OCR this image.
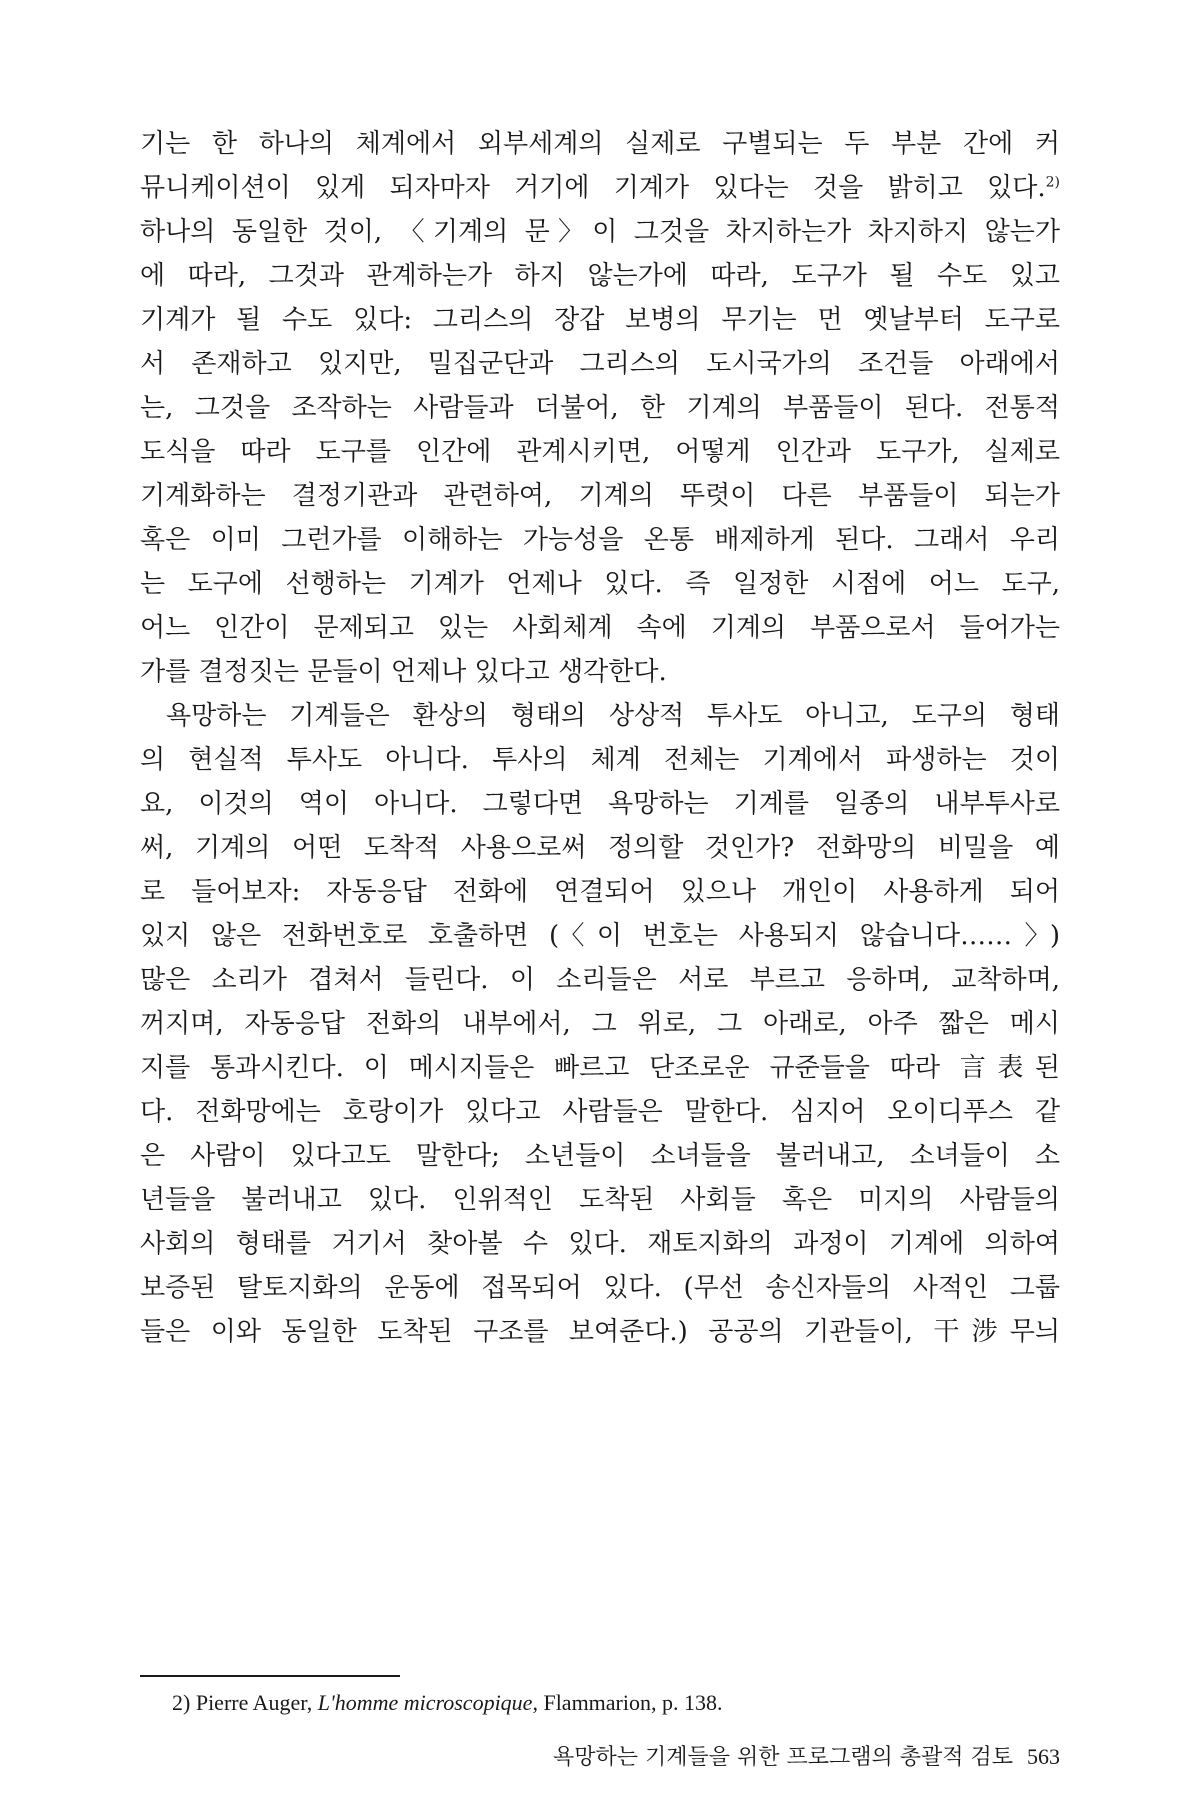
기는 한 하나의 체계에서 외부세계의 실제로 구별되는 두 부분 간에 커
뮤니케이션이 있게 되자마자 거기에 기계가 있다는 것을 밝히고 있다.$^{2)}$
하나의 동일한 것이, 〈기계의 문〉이 그것을 차지하는가 차지하지 않는가
에 따라, 그것과 관계하는가 하지 않는가에 따라, 도구가 될 수도 있고
기계가 될 수도 있다: 그리스의 장갑 보병의 무기는 먼 옛날부터 도구로
서 존재하고 있지만, 밀집군단과 그리스의 도시국가의 조건들 아래에서
는, 그것을 조작하는 사람들과 더불어, 한 기계의 부품들이 된다. 전통적
도식을 따라 도구를 인간에 관계시키면, 어떻게 인간과 도구가, 실제로
기계화하는 결정기관과 관련하여, 기계의 뚜렷이 다른 부품들이 되는가
혹은 이미 그런가를 이해하는 가능성을 온통 배제하게 된다. 그래서 우리
는 도구에 선행하는 기계가 언제나 있다. 즉 일정한 시점에 어느 도구,
어느 인간이 문제되고 있는 사회체계 속에 기계의 부품으로서 들어가는
가를 결정짓는 문들이 언제나 있다고 생각한다.
욕망하는 기계들은 환상의 형태의 상상적 투사도 아니고, 도구의 형태
의 현실적 투사도 아니다. 투사의 체계 전체는 기계에서 파생하는 것이
요, 이것의 역이 아니다. 그렇다면 욕망하는 기계를 일종의 내부투사로
써, 기계의 어떤 도착적 사용으로써 정의할 것인가? 전화망의 비밀을 예
로 들어보자: 자동응답 전화에 연결되어 있으나 개인이 사용하게 되어
있지 않은 전화번호로 호출하면 (〈이 번호는 사용되지 않습니다……〉)
많은 소리가 겹쳐서 들린다. 이 소리들은 서로 부르고 응하며, 교착하며,
꺼지며, 자동응답 전화의 내부에서, 그 위로, 그 아래로, 아주 짧은 메시
지를 통과시킨다. 이 메시지들은 빠르고 단조로운 규준들을 따라 言表된
다. 전화망에는 호랑이가 있다고 사람들은 말한다. 심지어 오이디푸스 같
은 사람이 있다고도 말한다; 소년들이 소녀들을 불러내고, 소녀들이 소
년들을 불러내고 있다. 인위적인 도착된 사회들 혹은 미지의 사람들의
사회의 형태를 거기서 찾아볼 수 있다. 재토지화의 과정이 기계에 의하여
보증된 탈토지화의 운동에 접목되어 있다. (무선 송신자들의 사적인 그룹
들은 이와 동일한 도착된 구조를 보여준다.) 공공의 기관들이, 干涉무늬
2) Pierre Auger, L'homme microscopique, Flammarion, p. 138.
욕망하는 기계들을 위한 프로그램의 총괄적 검토 563
